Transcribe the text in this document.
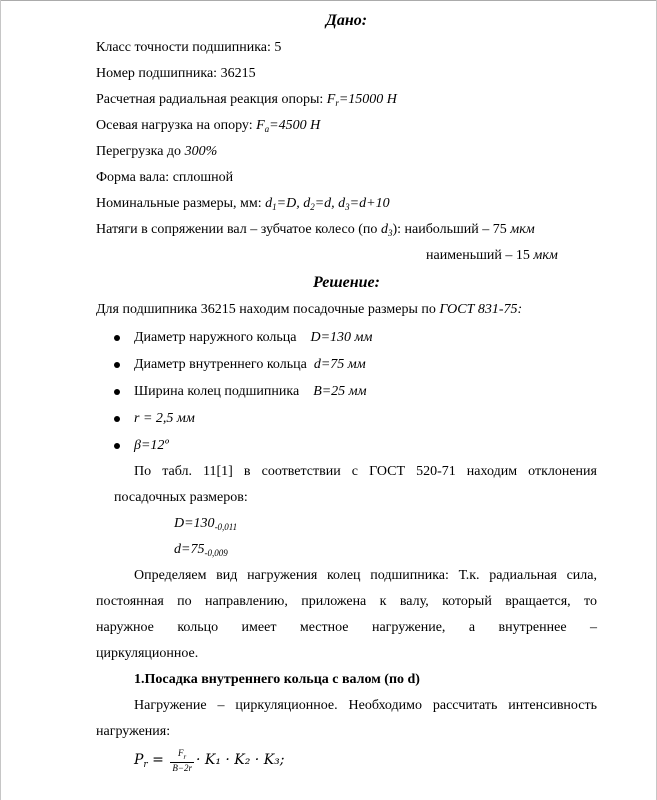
Дано:
Класс точности подшипника: 5
Номер подшипника: 36215
Расчетная радиальная реакция опоры: $F_r=15000$ Н
Осевая нагрузка на опору: $F_a=4500$ Н
Перегрузка до 300%
Форма вала: сплошной
Номинальные размеры, мм: $d_1=D$, $d_2=d$, $d_3=d+10$
Натяги в сопряжении вал – зубчатое колесо (по $d_3$): наибольший – 75 мкм
наименьший – 15 мкм
Решение:
Для подшипника 36215 находим посадочные размеры по ГОСТ 831-75:
Диаметр наружного кольца D=130 мм
Диаметр внутреннего кольца d=75 мм
Ширина колец подшипника B=25 мм
r = 2,5 мм
β=12º
По табл. 11[1] в соответствии с ГОСТ 520-71 находим отклонения
посадочных размеров:
$D=130_{-0,011}$
$d=75_{-0,009}$
Определяем вид нагружения колец подшипника: Т.к. радиальная сила,
постоянная по направлению, приложена к валу, который вращается, то
наружное кольцо имеет местное нагружение, а внутреннее –
циркуляционное.
1.Посадка внутреннего кольца с валом (по d)
Нагружение – циркуляционное. Необходимо рассчитать интенсивность
нагружения:
$P_r = \frac{F_r}{B-2r} \cdot K_1 \cdot K_2 \cdot K_3$;
